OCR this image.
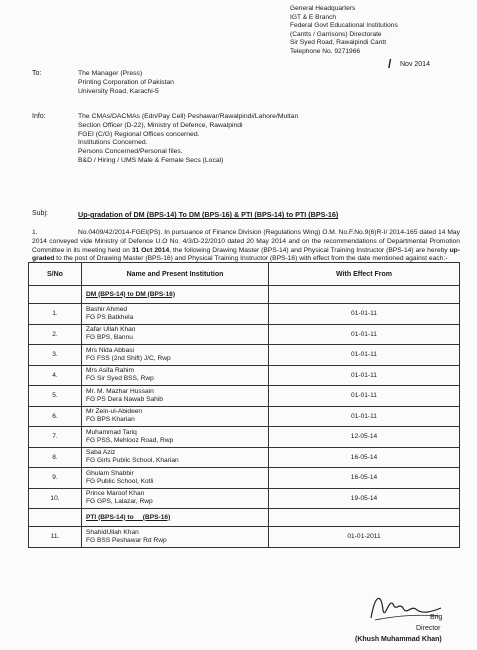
General Headquarters
IGT & E Branch
Federal Govt Educational Institutions
(Cantts / Garrisons) Directorate
Sir Syed Road, Rawalpindi Cantt
Telephone No. 9271966
/ Nov 2014
To:	The Manager (Press)
Printing Corporation of Pakistan
University Road, Karachi-5
Info:	The CMAs/DACMAs (Edn/Pay Cell) Peshawar/Rawalpindi/Lahore/Multan
Section Officer (D-22), Ministry of Defence, Rawalpindi
FGEI (C/G) Regional Offices concerned.
Institutions Concerned.
Persons Concerned/Personal files.
B&D / Hiring / UMS Male & Female Secs (Local)
Subj:	Up-gradation of DM (BPS-14) To DM (BPS-16) & PTI (BPS-14) to PTI (BPS-16)
1.	No.0409/42/2014-FGEI(PS). In pursuance of Finance Division (Regulations Wing) O.M. No.F.No.9(6)R-I/ 2014-165 dated 14 May 2014 conveyed vide Ministry of Defence U.O No. 4/3/D-22/2010 dated 20 May 2014 and on the recommendations of Departmental Promotion Committee in its meeting held on 31 Oct 2014, the following Drawing Master (BPS-14) and Physical Training Instructor (BPS-14) are hereby up-graded to the post of Drawing Master (BPS-16) and Physical Training Instructor (BPS-16) with effect from the date mentioned against each:-
S/No	Name and Present Institution	With Effect From
	DM (BPS-14) to DM (BPS-16)	
1.	Bashir Ahmed
FG PS Batkhela	01-01-11
2.	Zafar Ullah Khan
FG BPS, Bannu	01-01-11
3.	Mrs Nida Abbasi
FG FSS (2nd Shift) J/C, Rwp	01-01-11
4.	Mrs Asifa Rahim
FG Sir Syed BSS, Rwp	01-01-11
5.	Mr. M. Mazhar Hussain
FG PS Dera Nawab Sahib	01-01-11
6.	Mr Zein-ul-Abideen
FG BPS Kharian	01-01-11
7.	Muhammad Tariq
FG PSS, Mehlooz Road, Rwp	12-05-14
8.	Saba Aziz
FG Girls Public School, Kharian	16-05-14
9.	Ghulam Shabbir
FG Public School, Kotli	16-05-14
10.	Prince Maroof Khan
FG GPS, Lalazar, Rwp	19-05-14
	PTI (BPS-14) to     (BPS-16)	
11.	ShahidUllah Khan
FG BSS Peshawar Rd Rwp	01-01-2011
Brig
Director
(Khush Muhammad Khan)
